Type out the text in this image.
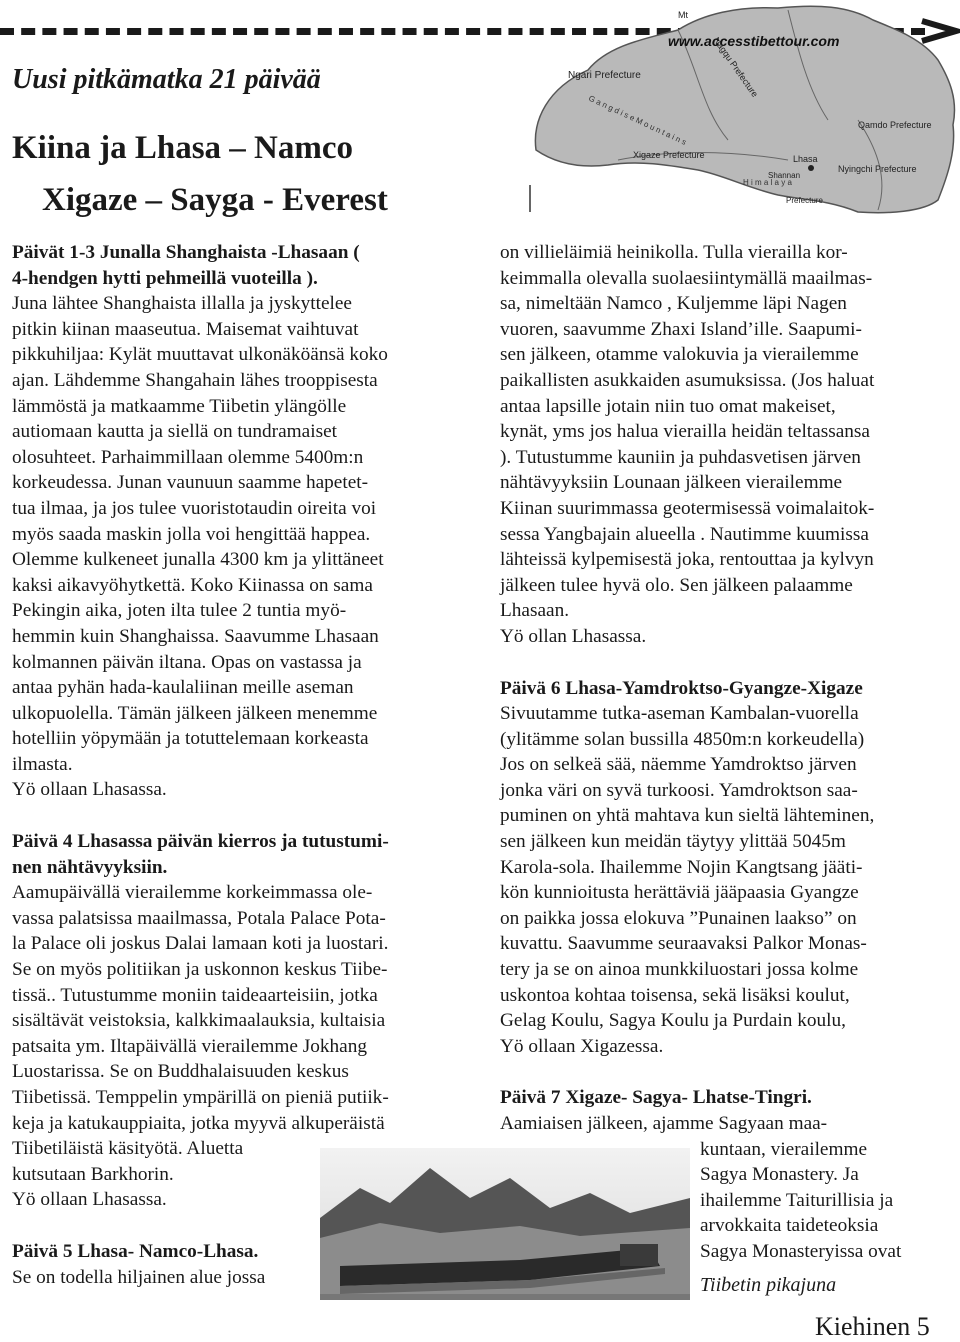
Mt
www.accesstibettour.com
Ngari Prefecture	Nagqu Prefecture
Qamdo Prefecture
G a n g d i s e M o u n t a i n s
Xigaze Prefecture	Lhasa
Nyingchi Prefecture
H i m a l a y a
Shannan
Prefecture
Uusi pitkämatka 21 päivää
Kiina ja Lhasa – Namco
Xigaze – Sayga - Everest

Päivät 1-3 Junalla Shanghaista -Lhasaan (

4-hendgen hytti pehmeillä vuoteilla ).

Juna lähtee Shanghaista illalla ja jyskyttelee

pitkin kiinan maaseutua. Maisemat vaihtuvat

pikkuhiljaa: Kylät muuttavat ulkonäköänsä koko

ajan. Lähdemme Shangahain lähes trooppisesta

lämmöstä ja matkaamme Tiibetin ylängölle

autiomaan kautta ja siellä on tundramaiset

olosuhteet. Parhaimmillaan olemme 5400m:n

korkeudessa. Junan vaunuun saamme hapetet-

tua ilmaa, ja jos tulee vuoristotaudin oireita voi

myös saada maskin jolla voi hengittää happea.

Olemme kulkeneet junalla 4300 km ja ylittäneet

kaksi aikavyöhytkettä. Koko Kiinassa on sama

Pekingin aika, joten ilta tulee 2 tuntia myö-

hemmin kuin Shanghaissa. Saavumme Lhasaan

kolmannen päivän iltana. Opas on vastassa ja

antaa pyhän hada-kaulaliinan meille aseman

ulkopuolella. Tämän jälkeen jälkeen menemme

hotelliin yöpymään ja totuttelemaan korkeasta

ilmasta.

Yö ollaan Lhasassa.

Päivä 4 Lhasassa päivän kierros ja tutustumi-

nen nähtävyyksiin.

Aamupäivällä vierailemme korkeimmassa ole-

vassa palatsissa maailmassa, Potala Palace Pota-

la Palace oli joskus Dalai lamaan koti ja luostari.

Se on myös politiikan ja uskonnon keskus Tiibe-

tissä.. Tutustumme moniin taideaarteisiin, jotka

sisältävät veistoksia, kalkkimaalauksia, kultaisia

patsaita ym. Iltapäivällä vierailemme Jokhang

Luostarissa. Se on Buddhalaisuuden keskus

Tiibetissä. Temppelin ympärillä on pieniä putiik-

keja ja katukauppiaita, jotka myyvä alkuperäistä

Tiibetiläistä käsityötä. Aluetta

kutsutaan Barkhorin.

Yö ollaan Lhasassa.

Päivä 5 Lhasa- Namco-Lhasa.

Se on todella hiljainen alue jossa

on villieläimiä heinikolla. Tulla vierailla kor-

keimmalla olevalla suolaesiintymällä maailmas-

sa, nimeltään Namco , Kuljemme läpi Nagen

vuoren, saavumme Zhaxi Island’ille. Saapumi-

sen jälkeen, otamme valokuvia ja vierailemme

paikallisten asukkaiden asumuksissa. (Jos haluat

antaa lapsille jotain niin tuo omat makeiset,

kynät, yms jos halua vierailla heidän teltassansa

). Tutustumme kauniin ja puhdasvetisen järven

nähtävyyksiin Lounaan jälkeen vierailemme

Kiinan suurimmassa geotermisessä voimalaitok-

sessa Yangbajain alueella . Nautimme kuumissa

lähteissä kylpemisestä joka, rentouttaa ja kylvyn

jälkeen tulee hyvä olo. Sen jälkeen palaamme

Lhasaan.

Yö ollan Lhasassa.

Päivä 6 Lhasa-Yamdroktso-Gyangze-Xigaze

Sivuutamme tutka-aseman Kambalan-vuorella

(ylitämme solan bussilla 4850m:n korkeudella)

Jos on selkeä sää, näemme Yamdroktso järven

jonka väri on syvä turkoosi. Yamdroktson saa-

puminen on yhtä mahtava kun sieltä lähteminen,

sen jälkeen kun meidän täytyy ylittää 5045m

Karola-sola. Ihailemme Nojin Kangtsang jääti-

kön kunnioitusta herättäviä jääpaasia Gyangze

on paikka jossa elokuva ”Punainen laakso” on

kuvattu. Saavumme seuraavaksi Palkor Monas-

tery ja se on ainoa munkkiluostari jossa kolme

uskontoa kohtaa toisensa, sekä lisäksi koulut,

Gelag Koulu, Sagya Koulu ja Purdain koulu,

Yö ollaan Xigazessa.

Päivä 7 Xigaze- Sagya- Lhatse-Tingri.

Aamiaisen jälkeen, ajamme Sagyaan maa-

kuntaan, vierailemme

Sagya Monastery. Ja

ihailemme Taiturillisia ja

arvokkaita taideteoksia

Sagya Monasteryissa ovat

Tiibetin pikajuna
Kiehinen 5
